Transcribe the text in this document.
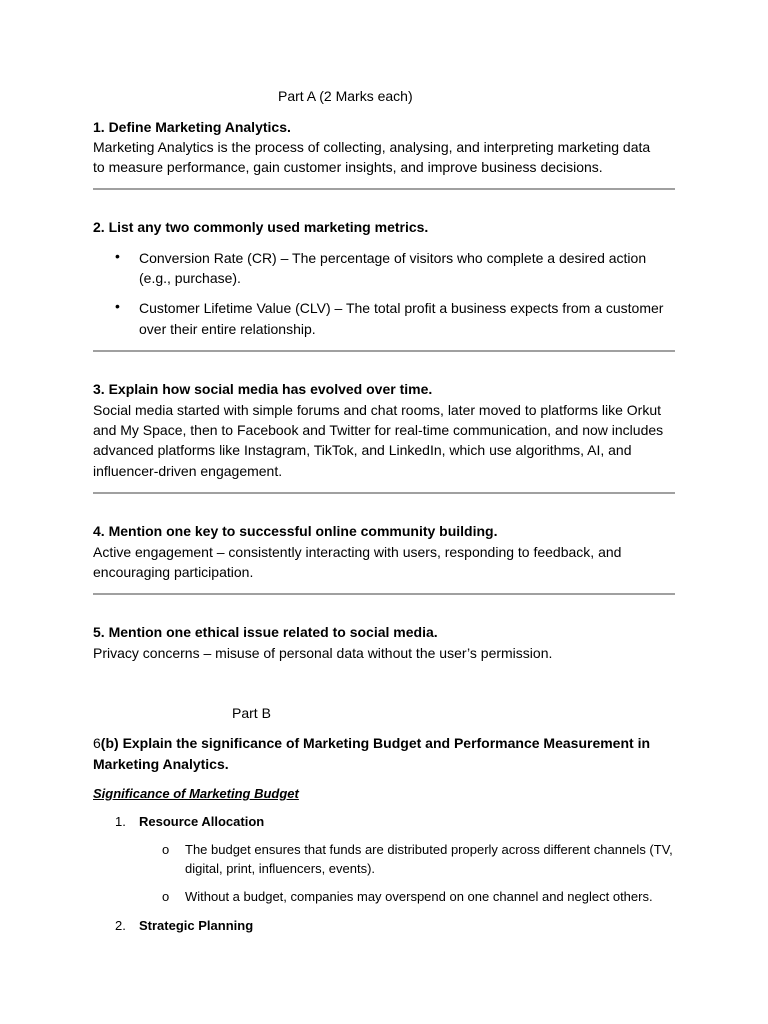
Part A (2 Marks each)
1. Define Marketing Analytics.
Marketing Analytics is the process of collecting, analysing, and interpreting marketing data
to measure performance, gain customer insights, and improve business decisions.
2. List any two commonly used marketing metrics.
• Conversion Rate (CR) – The percentage of visitors who complete a desired action
(e.g., purchase).
• Customer Lifetime Value (CLV) – The total profit a business expects from a customer
over their entire relationship.
3. Explain how social media has evolved over time.
Social media started with simple forums and chat rooms, later moved to platforms like Orkut
and My Space, then to Facebook and Twitter for real-time communication, and now includes
advanced platforms like Instagram, TikTok, and LinkedIn, which use algorithms, AI, and
influencer-driven engagement.
4. Mention one key to successful online community building.
Active engagement – consistently interacting with users, responding to feedback, and
encouraging participation.
5. Mention one ethical issue related to social media.
Privacy concerns – misuse of personal data without the user’s permission.
Part B
6(b) Explain the significance of Marketing Budget and Performance Measurement in
Marketing Analytics.
Significance of Marketing Budget
1. Resource Allocation
o The budget ensures that funds are distributed properly across different channels (TV,
digital, print, influencers, events).
o Without a budget, companies may overspend on one channel and neglect others.
2. Strategic Planning
